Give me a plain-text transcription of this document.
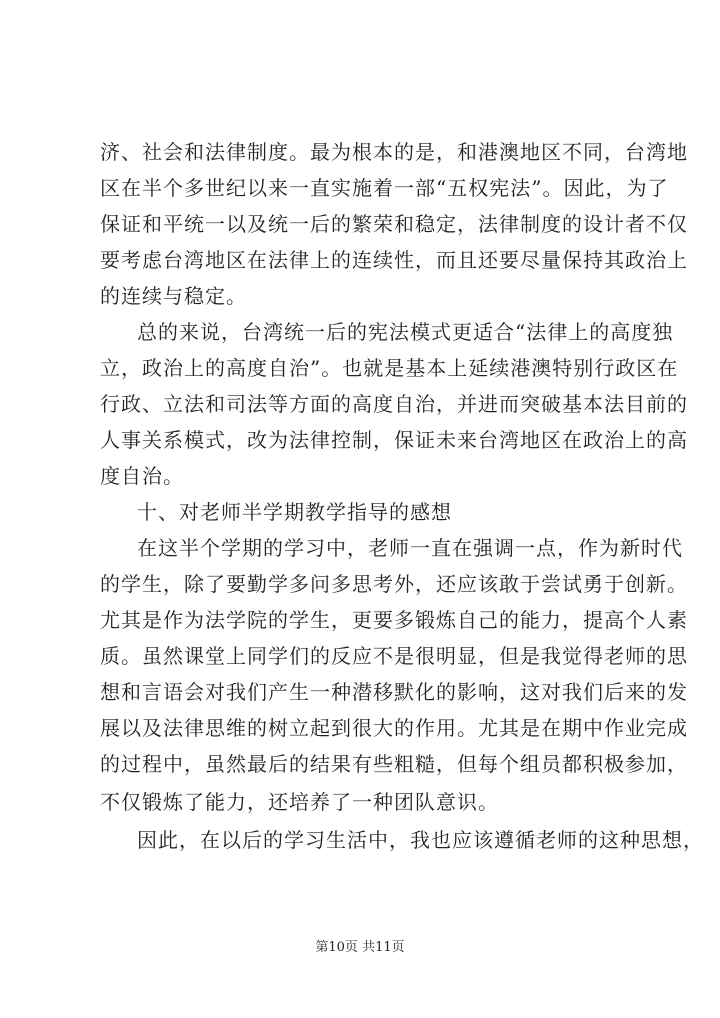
济、社会和法律制度。最为根本的是，和港澳地区不同，台湾地
区在半个多世纪以来一直实施着一部“五权宪法”。因此，为了
保证和平统一以及统一后的繁荣和稳定，法律制度的设计者不仅
要考虑台湾地区在法律上的连续性，而且还要尽量保持其政治上
的连续与稳定。
总的来说，台湾统一后的宪法模式更适合“法律上的高度独
立，政治上的高度自治”。也就是基本上延续港澳特别行政区在
行政、立法和司法等方面的高度自治，并进而突破基本法目前的
人事关系模式，改为法律控制，保证未来台湾地区在政治上的高
度自治。
十、对老师半学期教学指导的感想
在这半个学期的学习中，老师一直在强调一点，作为新时代
的学生，除了要勤学多问多思考外，还应该敢于尝试勇于创新。
尤其是作为法学院的学生，更要多锻炼自己的能力，提高个人素
质。虽然课堂上同学们的反应不是很明显，但是我觉得老师的思
想和言语会对我们产生一种潜移默化的影响，这对我们后来的发
展以及法律思维的树立起到很大的作用。尤其是在期中作业完成
的过程中，虽然最后的结果有些粗糙，但每个组员都积极参加，
不仅锻炼了能力，还培养了一种团队意识。
因此，在以后的学习生活中，我也应该遵循老师的这种思想，
第10页 共11页
